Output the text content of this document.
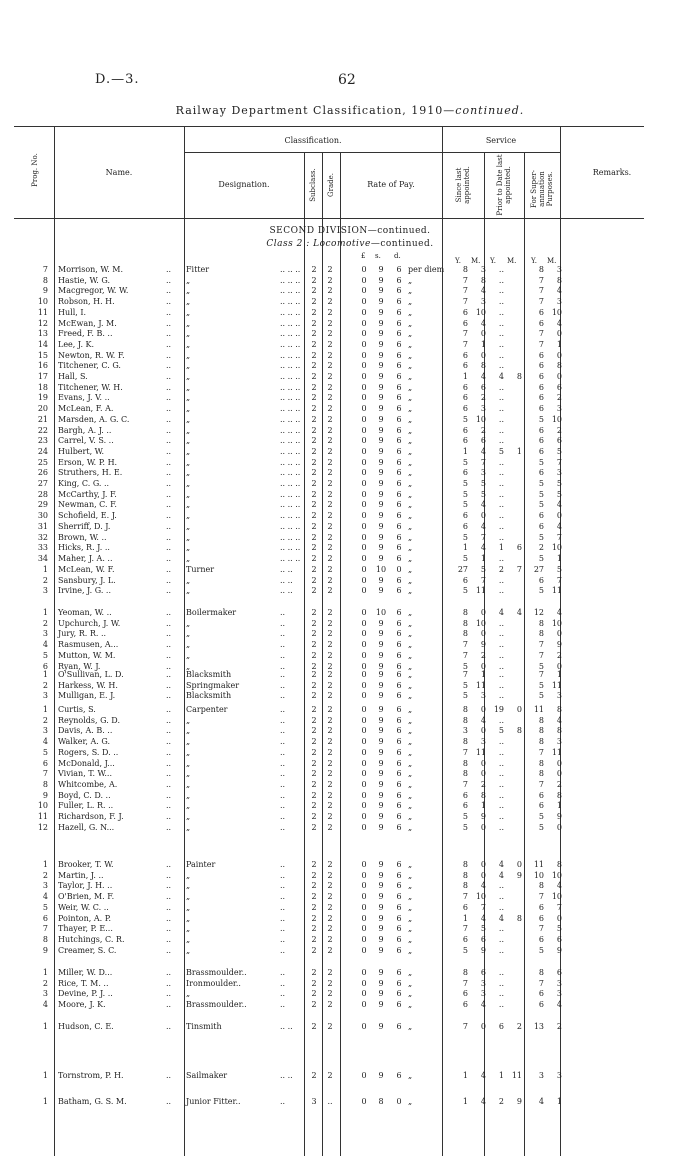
D.—3.	62
Railway Department Classification, 1910—continued.
Prog. No.	Name.
Classification.
Designation.	Subclass. Grade.	Rate of Pay.
Service
Since last appointed.	Prior to Date last appointed.	For Super-annuation Purposes.	Remarks.
SECOND DIVISION—continued.
Class 2 : Locomotive—continued.
£ s. d.
Y. M. Y. M. Y. M.
7 Morrison, W. M.	.. Fitter	.. .. ..	2	2	0	9	6 per diem	8	3	..	8	3
8 Hastie, W. G.	.. „	.. .. ..	2	2	0	9	6 „	7	8	..	7	8
9 Macgregor, W. W.	.. „	.. .. ..	2	2	0	9	6 „	7	4	..	7	4
10 Robson, H. H.	.. „	.. .. ..	2	2	0	9	6 „	7	3	..	7	3
11 Hull, I.	.. „	.. .. ..	2	2	0	9	6 „	6 10	..	6 10
12 McEwan, J. M.	.. „	.. .. ..	2	2	0	9	6 „	6	4	..	6	4
13 Freed, F. B. ..	.. „	.. .. ..	2	2	0	9	6 „	7	0	..	7	0
14 Lee, J. K.	.. „	.. .. ..	2	2	0	9	6 „	7	1	..	7	1
15 Newton, R. W. F.	.. „	.. .. ..	2	2	0	9	6 „	6	0	..	6	0
16 Titchener, C. G.	.. „	.. .. ..	2	2	0	9	6 „	6	8	..	6	8
17 Hall, S.	.. „	.. .. ..	2	2	0	9	6 „	1	4	4	8	6	0
18 Titchener, W. H.	.. „	.. .. ..	2	2	0	9	6 „	6	6	..	6	6
19 Evans, J. V. ..	.. „	.. .. ..	2	2	0	9	6 „	6	2	..	6	2
20 McLean, F. A.	.. „	.. .. ..	2	2	0	9	6 „	6	3	..	6	3
21 Marsden, A. G. C.	.. „	.. .. ..	2	2	0	9	6 „	5 10	..	5 10
22 Bargh, A. J. ..	.. „	.. .. ..	2	2	0	9	6 „	6	2	..	6	2
23 Carrel, V. S. ..	.. „	.. .. ..	2	2	0	9	6 „	6	6	..	6	6
24 Hulbert, W.	.. „	.. .. ..	2	2	0	9	6 „	1	4	5	1	6	5
25 Erson, W. P. H.	.. „	.. .. ..	2	2	0	9	6 „	5	7	..	5	7
26 Struthers, H. E.	.. „	.. .. ..	2	2	0	9	6 „	6	3	..	6	3
27 King, C. G. ..	.. „	.. .. ..	2	2	0	9	6 „	5	5	..	5	5
28 McCarthy, J. F.	.. „	.. .. ..	2	2	0	9	6 „	5	5	..	5	5
29 Newman, C. F.	.. „	.. .. ..	2	2	0	9	6 „	5	4	..	5	4
30 Schofield, E. J.	.. „	.. .. ..	2	2	0	9	6 „	6	0	..	6	0
31 Sherriff, D. J.	.. „	.. .. ..	2	2	0	9	6 „	6	4	..	6	4
32 Brown, W. ..	.. „	.. .. ..	2	2	0	9	6 „	5	7	..	5	7
33 Hicks, R. J. ..	.. „	.. .. ..	2	2	0	9	6 „	1	4	1	6	2 10
34 Maher, J. A. ..	.. „	.. .. ..	2	2	0	9	6 „	5	1	..	5	1
1 McLean, W. F.	.. Turner	.. ..	2	2	0	10	0 „	27	5	2	7	27	5
2 Sansbury, J. L.	.. „	.. ..	2	2	0	9	6 „	6	7	..	6	7
3 Irvine, J. G. ..	.. „	.. ..	2	2	0	9	6 „	5 11	..	5 11
1 Yeoman, W. ..	.. Boilermaker	..	2	2	0	10	6 „	8	0	4	4	12	4
2 Upchurch, J. W.	.. „	..	2	2	0	9	6 „	8 10	..	8 10
3 Jury, R. R. ..	.. „	..	2	2	0	9	6 „	8	0	..	8	0
4 Rasmusen, A...	.. „	..	2	2	0	9	6 „	7	9	..	7	9
5 Mutton, W. M.	.. „	..	2	2	0	9	6 „	7	2	..	7	2
6 Ryan, W. J.	.. „	..	2	2	0	9	6 „	5	0	..	5	0
1 O'Sullivan, L. D.	.. Blacksmith	..	2	2	0	9	6 „	7	1	..	7	1
2 Harkess, W. H.	.. Springmaker	..	2	2	0	9	6 „	5 11	..	5 11
3 Mulligan, E. J.	.. Blacksmith	..	2	2	0	9	6 „	5	3	..	5	3
1 Curtis, S.	.. Carpenter	..	2	2	0	9	6 „	8	0 19	0	11	8
2 Reynolds, G. D.	.. „	..	2	2	0	9	6 „	8	4	..	8	4
3 Davis, A. B. ..	.. „	..	2	2	0	9	6 „	3	0	5	8	8	8
4 Walker, A. G.	.. „	..	2	2	0	9	6 „	8	3	..	8	3
5 Rogers, S. D. ..	.. „	..	2	2	0	9	6 „	7 11	..	7 11
6 McDonald, J...	.. „	..	2	2	0	9	6 „	8	0	..	8	0
7 Vivian, T. W...	.. „	..	2	2	0	9	6 „	8	0	..	8	0
8 Whitcombe, A.	.. „	..	2	2	0	9	6 „	7	2	..	7	2
9 Boyd, C. D. ..	.. „	..	2	2	0	9	6 „	6	8	..	6	8
10 Fuller, L. R. ..	.. „	..	2	2	0	9	6 „	6	1	..	6	1
11 Richardson, F. J.	.. „	..	2	2	0	9	6 „	5	9	..	5	9
12 Hazell, G. N...	.. „	..	2	2	0	9	6 „	5	0	..	5	0
1 Brooker, T. W.	.. Painter	..	2	2	0	9	6 „	8	0	4	0	11	8
2 Martin, J. ..	.. „	..	2	2	0	9	6 „	8	0	4	9	10 10
3 Taylor, J. H. ..	.. „	..	2	2	0	9	6 „	8	4	..	8	4
4 O'Brien, M. F.	.. „	..	2	2	0	9	6 „	7 10	..	7 10
5 Weir, W. C. ..	.. „	..	2	2	0	9	6 „	6	7	..	6	7
6 Pointon, A. P.	.. „	..	2	2	0	9	6 „	1	4	4	8	6	0
7 Thayer, P. E...	.. „	..	2	2	0	9	6 „	7	5	..	7	5
8 Hutchings, C. R.	.. „	..	2	2	0	9	6 „	6	6	..	6	6
9 Creamer, S. C.	.. „	..	2	2	0	9	6 „	5	9	..	5	9
1 Miller, W. D...	.. Brassmoulder..	..	2	2	0	9	6 „	8	6	..	8	6
2 Rice, T. M. ..	.. Ironmoulder..	..	2	2	0	9	6 „	7	3	..	7	3
3 Devine, P. J. ..	.. „	..	2	2	0	9	6 „	6	3	..	6	3
4 Moore, J. K.	.. Brassmoulder..	..	2	2	0	9	6 „	6	4	..	6	4
1 Hudson, C. E.	.. Tinsmith	.. ..	2	2	0	9	6 „	7	0	6	2	13	2
1 Tornstrom, P. H.	.. Sailmaker	.. ..	2	2	0	9	6 „	1	4	1 11	3	3
1 Batham, G. S. M.	.. Junior Fitter..	..	3	..	0	8	0 „	1	4	2	9	4	1
